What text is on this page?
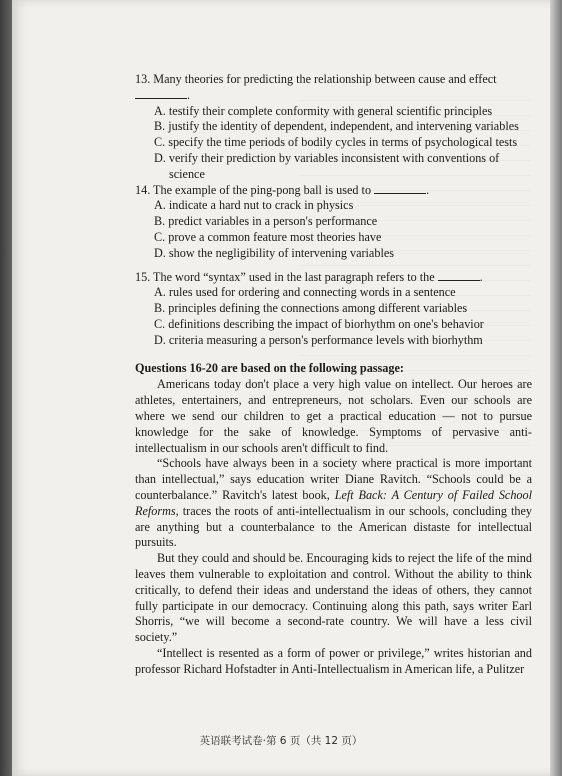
13. Many theories for predicting the relationship between cause and effect
.
A. testify their complete conformity with general scientific principles
B. justify the identity of dependent, independent, and intervening variables
C. specify the time periods of bodily cycles in terms of psychological tests
D. verify their prediction by variables inconsistent with conventions of
science
14. The example of the ping-pong ball is used to	.
A. indicate a hard nut to crack in physics
B. predict variables in a person's performance
C. prove a common feature most theories have
D. show the negligibility of intervening variables
15. The word “syntax” used in the last paragraph refers to the	.
A. rules used for ordering and connecting words in a sentence
B. principles defining the connections among different variables
C. definitions describing the impact of biorhythm on one's behavior
D. criteria measuring a person's performance levels with biorhythm
Questions 16-20 are based on the following passage:

Americans today don't place a very high value on intellect. Our heroes are athletes, entertainers, and entrepreneurs, not scholars. Even our schools are where we send our children to get a practical education — not to pursue knowledge for the sake of knowledge. Symptoms of pervasive anti-intellectualism in our schools aren't difficult to find.

“Schools have always been in a society where practical is more important than intellectual,” says education writer Diane Ravitch. “Schools could be a counterbalance.” Ravitch's latest book, Left Back: A Century of Failed School Reforms, traces the roots of anti-intellectualism in our schools, concluding they are anything but a counterbalance to the American distaste for intellectual pursuits.

But they could and should be. Encouraging kids to reject the life of the mind leaves them vulnerable to exploitation and control. Without the ability to think critically, to defend their ideas and understand the ideas of others, they cannot fully participate in our democracy. Continuing along this path, says writer Earl Shorris, “we will become a second-rate country. We will have a less civil society.”

“Intellect is resented as a form of power or privilege,” writes historian and professor Richard Hofstadter in Anti-Intellectualism in American life, a Pulitzer

英语联考试卷·第 6 页（共 12 页）
